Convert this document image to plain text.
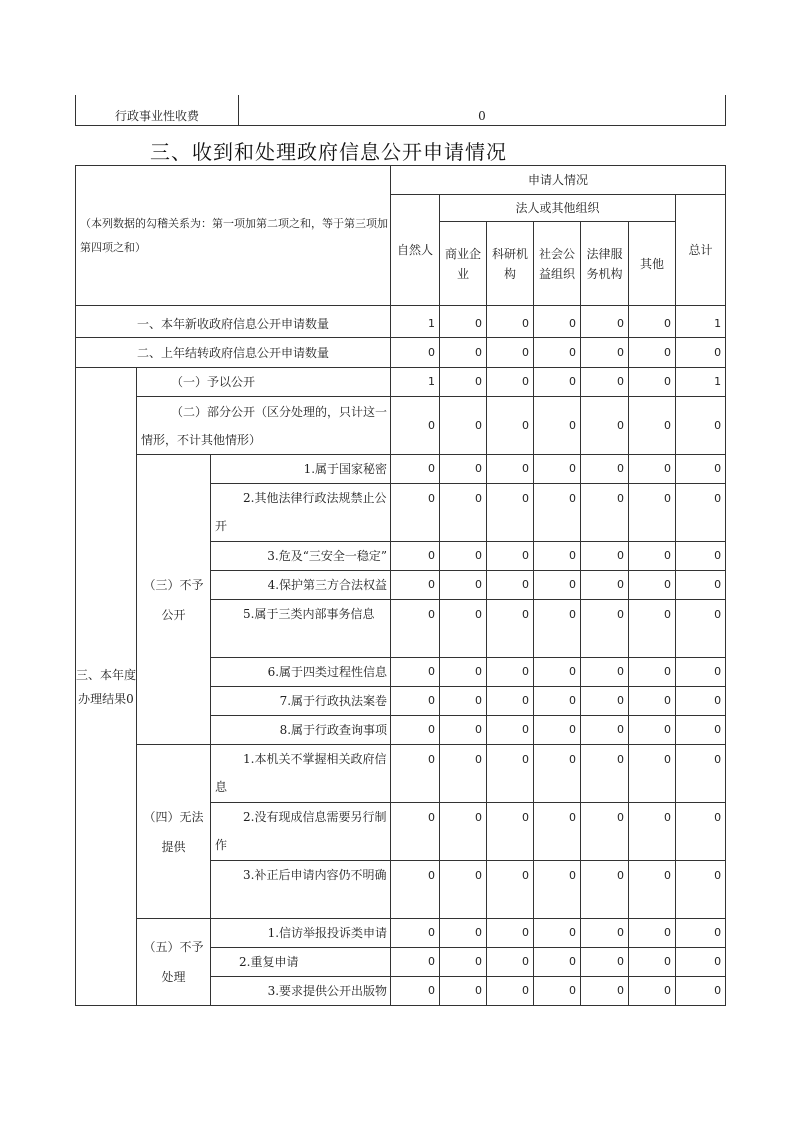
行政事业性收费	0
三、收到和处理政府信息公开申请情况
（本列数据的勾稽关系为：第一项加第二项之和，等于第三项加第四项之和）			申请人情况						
			自然人	法人或其他组织					总计
				商业企业	科研机构	社会公益组织	法律服务机构	其他	
一、本年新收政府信息公开申请数量			1	0	0	0	0	0	1
二、上年结转政府信息公开申请数量			0	0	0	0	0	0	0
三、本年度办理结果0	（一）予以公开		1	0	0	0	0	0	1
	（二）部分公开（区分处理的，只计这一情形，不计其他情形）		0	0	0	0	0	0	0
	（三）不予公开	1.属于国家秘密	0	0	0	0	0	0	0
		2.其他法律行政法规禁止公开	0	0	0	0	0	0	0
		3.危及“三安全一稳定”	0	0	0	0	0	0	0
		4.保护第三方合法权益	0	0	0	0	0	0	0
		5.属于三类内部事务信息	0	0	0	0	0	0	0
		6.属于四类过程性信息	0	0	0	0	0	0	0
		7.属于行政执法案卷	0	0	0	0	0	0	0
		8.属于行政查询事项	0	0	0	0	0	0	0
	（四）无法提供	1.本机关不掌握相关政府信息	0	0	0	0	0	0	0
		2.没有现成信息需要另行制作	0	0	0	0	0	0	0
		3.补正后申请内容仍不明确	0	0	0	0	0	0	0
	（五）不予处理	1.信访举报投诉类申请	0	0	0	0	0	0	0
		2.重复申请	0	0	0	0	0	0	0
		3.要求提供公开出版物	0	0	0	0	0	0	0
